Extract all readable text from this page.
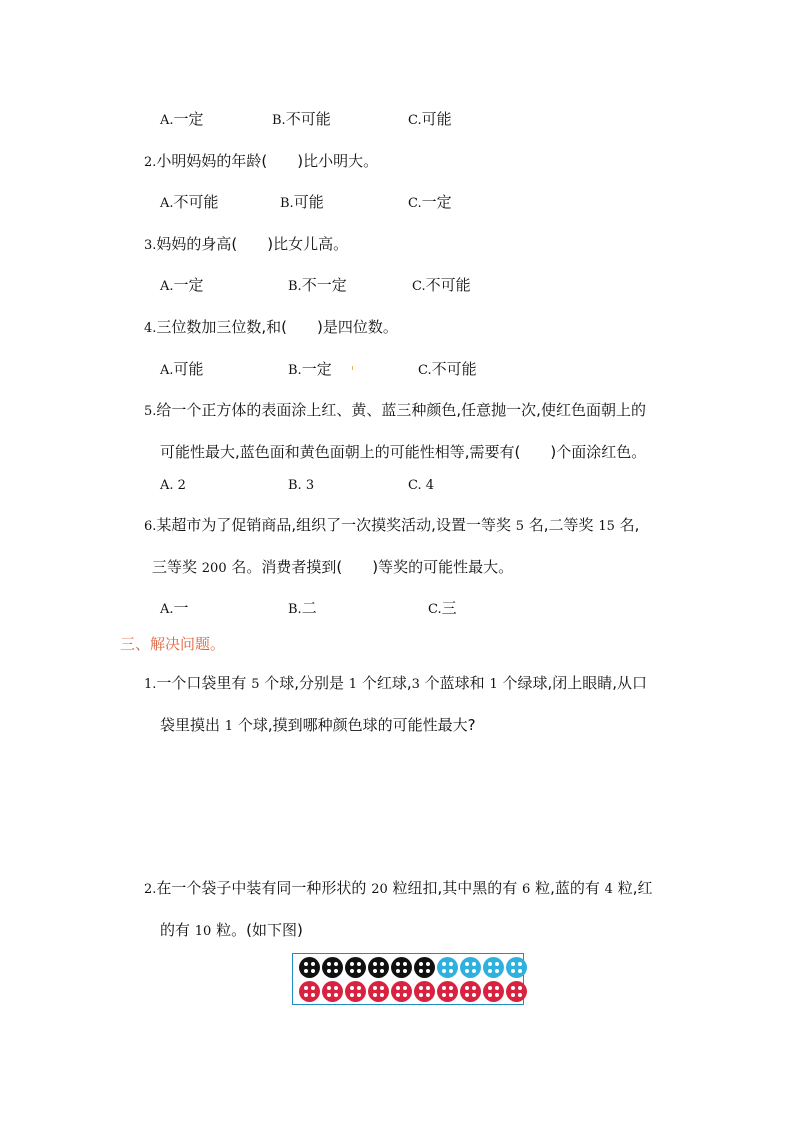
A.一定	B.不可能	C.可能
2.小明妈妈的年龄(　　)比小明大。
A.不可能	B.可能	C.一定
3.妈妈的身高(　　)比女儿高。
A.一定	B.不一定	C.不可能
4.三位数加三位数,和(　　)是四位数。
A.可能	B.一定	C.不可能
5.给一个正方体的表面涂上红、黄、蓝三种颜色,任意抛一次,使红色面朝上的
可能性最大,蓝色面和黄色面朝上的可能性相等,需要有(　　)个面涂红色。
A. 2	B. 3	C. 4
6.某超市为了促销商品,组织了一次摸奖活动,设置一等奖 5 名,二等奖 15 名,
三等奖 200 名。消费者摸到(　　)等奖的可能性最大。
A.一	B.二	C.三
三、解决问题。
1.一个口袋里有 5 个球,分别是 1 个红球,3 个蓝球和 1 个绿球,闭上眼睛,从口
袋里摸出 1 个球,摸到哪种颜色球的可能性最大?
2.在一个袋子中装有同一种形状的 20 粒纽扣,其中黑的有 6 粒,蓝的有 4 粒,红
的有 10 粒。(如下图)
